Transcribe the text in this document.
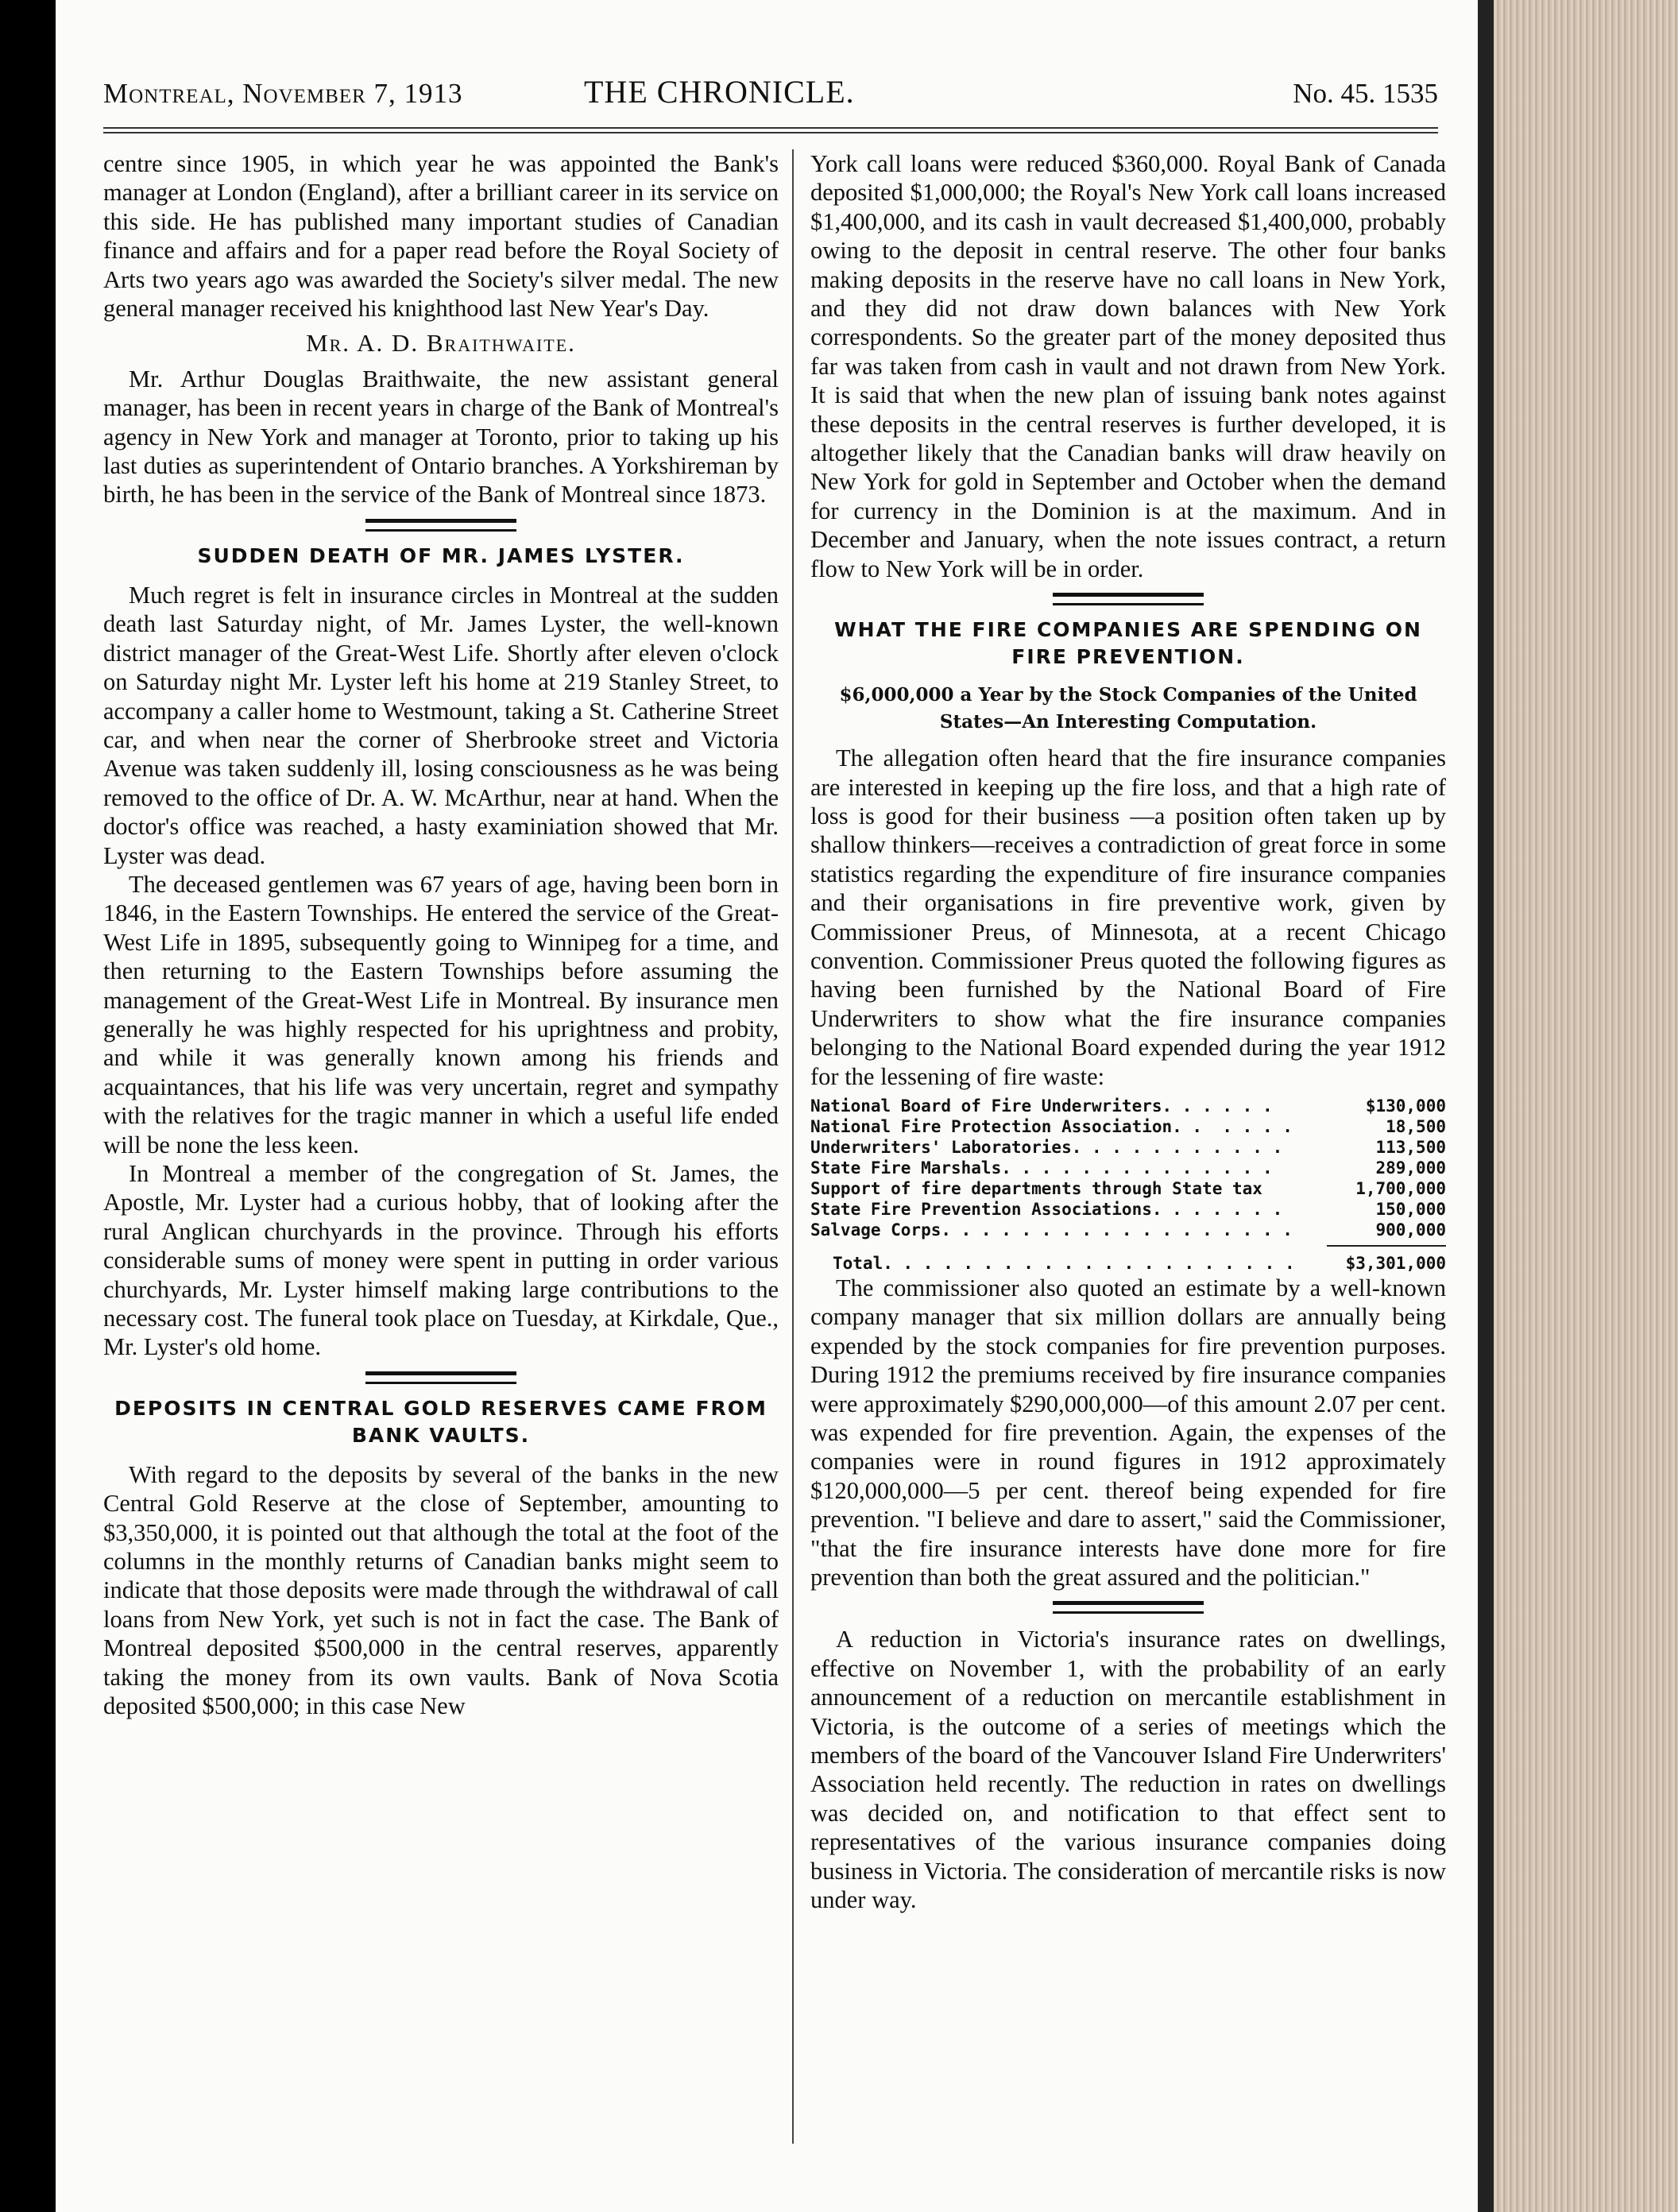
Montreal, November 7, 1913	THE CHRONICLE.	No. 45. 1535

centre since 1905, in which year he was appointed the Bank's manager at London (England), after a brilliant career in its service on this side. He has published many important studies of Canadian finance and affairs and for a paper read before the Royal Society of Arts two years ago was awarded the Society's silver medal. The new general manager received his knighthood last New Year's Day.

Mr. A. D. Braithwaite.

Mr. Arthur Douglas Braithwaite, the new assistant general manager, has been in recent years in charge of the Bank of Montreal's agency in New York and manager at Toronto, prior to taking up his last duties as superintendent of Ontario branches. A Yorkshireman by birth, he has been in the service of the Bank of Montreal since 1873.

SUDDEN DEATH OF MR. JAMES LYSTER.

Much regret is felt in insurance circles in Montreal at the sudden death last Saturday night, of Mr. James Lyster, the well-known district manager of the Great-West Life. Shortly after eleven o'clock on Saturday night Mr. Lyster left his home at 219 Stanley Street, to accompany a caller home to Westmount, taking a St. Catherine Street car, and when near the corner of Sherbrooke street and Victoria Avenue was taken suddenly ill, losing consciousness as he was being removed to the office of Dr. A. W. McArthur, near at hand. When the doctor's office was reached, a hasty examiniation showed that Mr. Lyster was dead.

The deceased gentlemen was 67 years of age, having been born in 1846, in the Eastern Townships. He entered the service of the Great-West Life in 1895, subsequently going to Winnipeg for a time, and then returning to the Eastern Townships before assuming the management of the Great-West Life in Montreal. By insurance men generally he was highly respected for his uprightness and probity, and while it was generally known among his friends and acquaintances, that his life was very uncertain, regret and sympathy with the relatives for the tragic manner in which a useful life ended will be none the less keen.

In Montreal a member of the congregation of St. James, the Apostle, Mr. Lyster had a curious hobby, that of looking after the rural Anglican churchyards in the province. Through his efforts considerable sums of money were spent in putting in order various churchyards, Mr. Lyster himself making large contributions to the necessary cost. The funeral took place on Tuesday, at Kirkdale, Que., Mr. Lyster's old home.

DEPOSITS IN CENTRAL GOLD RESERVES CAME FROM BANK VAULTS.

With regard to the deposits by several of the banks in the new Central Gold Reserve at the close of September, amounting to $3,350,000, it is pointed out that although the total at the foot of the columns in the monthly returns of Canadian banks might seem to indicate that those deposits were made through the withdrawal of call loans from New York, yet such is not in fact the case. The Bank of Montreal deposited $500,000 in the central reserves, apparently taking the money from its own vaults. Bank of Nova Scotia deposited $500,000; in this case New

York call loans were reduced $360,000. Royal Bank of Canada deposited $1,000,000; the Royal's New York call loans increased $1,400,000, and its cash in vault decreased $1,400,000, probably owing to the deposit in central reserve. The other four banks making deposits in the reserve have no call loans in New York, and they did not draw down balances with New York correspondents. So the greater part of the money deposited thus far was taken from cash in vault and not drawn from New York. It is said that when the new plan of issuing bank notes against these deposits in the central reserves is further developed, it is altogether likely that the Canadian banks will draw heavily on New York for gold in September and October when the demand for currency in the Dominion is at the maximum. And in December and January, when the note issues contract, a return flow to New York will be in order.

WHAT THE FIRE COMPANIES ARE SPENDING ON FIRE PREVENTION.
$6,000,000 a Year by the Stock Companies of the United States—An Interesting Computation.

The allegation often heard that the fire insurance companies are interested in keeping up the fire loss, and that a high rate of loss is good for their business —a position often taken up by shallow thinkers—receives a contradiction of great force in some statistics regarding the expenditure of fire insurance companies and their organisations in fire preventive work, given by Commissioner Preus, of Minnesota, at a recent Chicago convention. Commissioner Preus quoted the following figures as having been furnished by the National Board of Fire Underwriters to show what the fire insurance companies belonging to the National Board expended during the year 1912 for the lessening of fire waste:

National Board of Fire Underwriters. . . . . .	$130,000
National Fire Protection Association. .  . . . .	18,500
Underwriters' Laboratories. . . . . . . . . . .	113,500
State Fire Marshals. . . . . . . . . . . . . .	289,000
Support of fire departments through State tax	1,700,000
State Fire Prevention Associations. . . . . . .	150,000
Salvage Corps. . . . . . . . . . . . . . . . . .	900,000
Total. . . . . . . . . . . . . . . . . . . . .	$3,301,000

The commissioner also quoted an estimate by a well-known company manager that six million dollars are annually being expended by the stock companies for fire prevention purposes. During 1912 the premiums received by fire insurance companies were approximately $290,000,000—of this amount 2.07 per cent. was expended for fire prevention. Again, the expenses of the companies were in round figures in 1912 approximately $120,000,000—5 per cent. thereof being expended for fire prevention. "I believe and dare to assert," said the Commissioner, "that the fire insurance interests have done more for fire prevention than both the great assured and the politician."

A reduction in Victoria's insurance rates on dwellings, effective on November 1, with the probability of an early announcement of a reduction on mercantile establishment in Victoria, is the outcome of a series of meetings which the members of the board of the Vancouver Island Fire Underwriters' Association held recently. The reduction in rates on dwellings was decided on, and notification to that effect sent to representatives of the various insurance companies doing business in Victoria. The consideration of mercantile risks is now under way.
